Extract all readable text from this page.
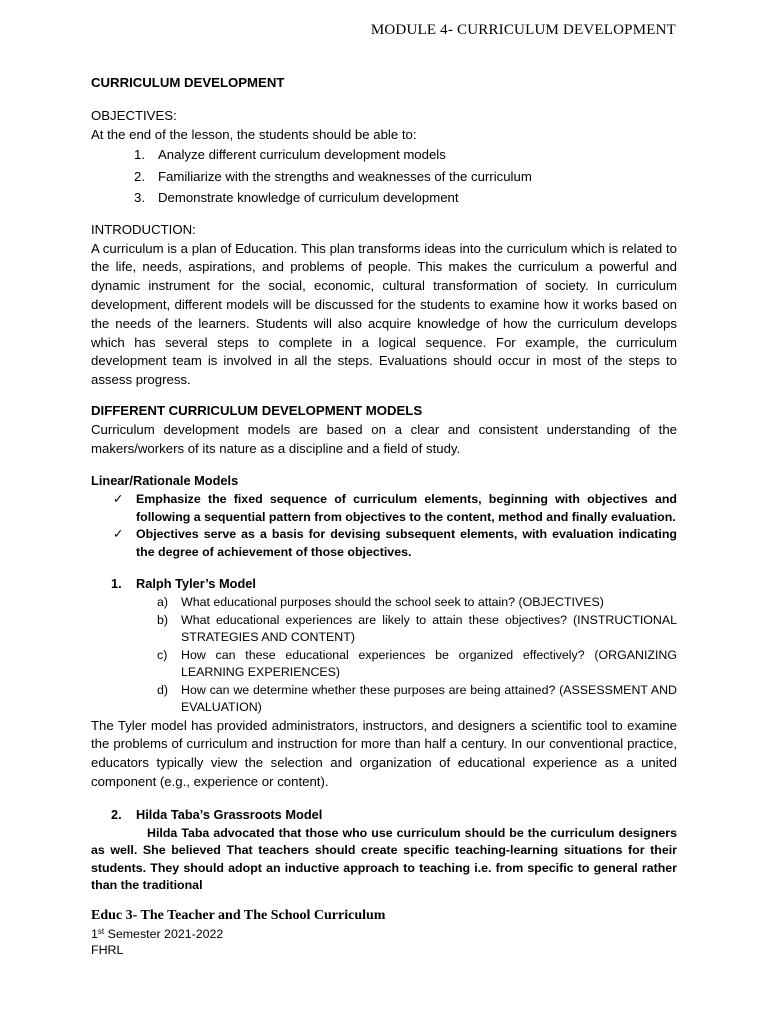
MODULE 4- CURRICULUM DEVELOPMENT

CURRICULUM DEVELOPMENT

OBJECTIVES:

At the end of the lesson, the students should be able to:

1. Analyze different curriculum development models
2. Familiarize with the strengths and weaknesses of the curriculum
3. Demonstrate knowledge of curriculum development

INTRODUCTION:

A curriculum is a plan of Education. This plan transforms ideas into the curriculum which is related to the life, needs, aspirations, and problems of people. This makes the curriculum a powerful and dynamic instrument for the social, economic, cultural transformation of society. In curriculum development, different models will be discussed for the students to examine how it works based on the needs of the learners. Students will also acquire knowledge of how the curriculum develops which has several steps to complete in a logical sequence. For example, the curriculum development team is involved in all the steps. Evaluations should occur in most of the steps to assess progress.

DIFFERENT CURRICULUM DEVELOPMENT MODELS

Curriculum development models are based on a clear and consistent understanding of the makers/workers of its nature as a discipline and a field of study.

Linear/Rationale Models

✓ Emphasize the fixed sequence of curriculum elements, beginning with objectives and following a sequential pattern from objectives to the content, method and finally evaluation.
✓ Objectives serve as a basis for devising subsequent elements, with evaluation indicating the degree of achievement of those objectives.

1. Ralph Tyler’s Model

a) What educational purposes should the school seek to attain? (OBJECTIVES)
b) What educational experiences are likely to attain these objectives? (INSTRUCTIONAL STRATEGIES AND CONTENT)
c) How can these educational experiences be organized effectively? (ORGANIZING LEARNING EXPERIENCES)
d) How can we determine whether these purposes are being attained? (ASSESSMENT AND EVALUATION)

The Tyler model has provided administrators, instructors, and designers a scientific tool to examine the problems of curriculum and instruction for more than half a century. In our conventional practice, educators typically view the selection and organization of educational experience as a united component (e.g., experience or content).

2. Hilda Taba’s Grassroots Model

Hilda Taba advocated that those who use curriculum should be the curriculum designers as well. She believed That teachers should create specific teaching-learning situations for their students. They should adopt an inductive approach to teaching i.e. from specific to general rather than the traditional

Educ 3- The Teacher and The School Curriculum
1st Semester 2021-2022
FHRL
